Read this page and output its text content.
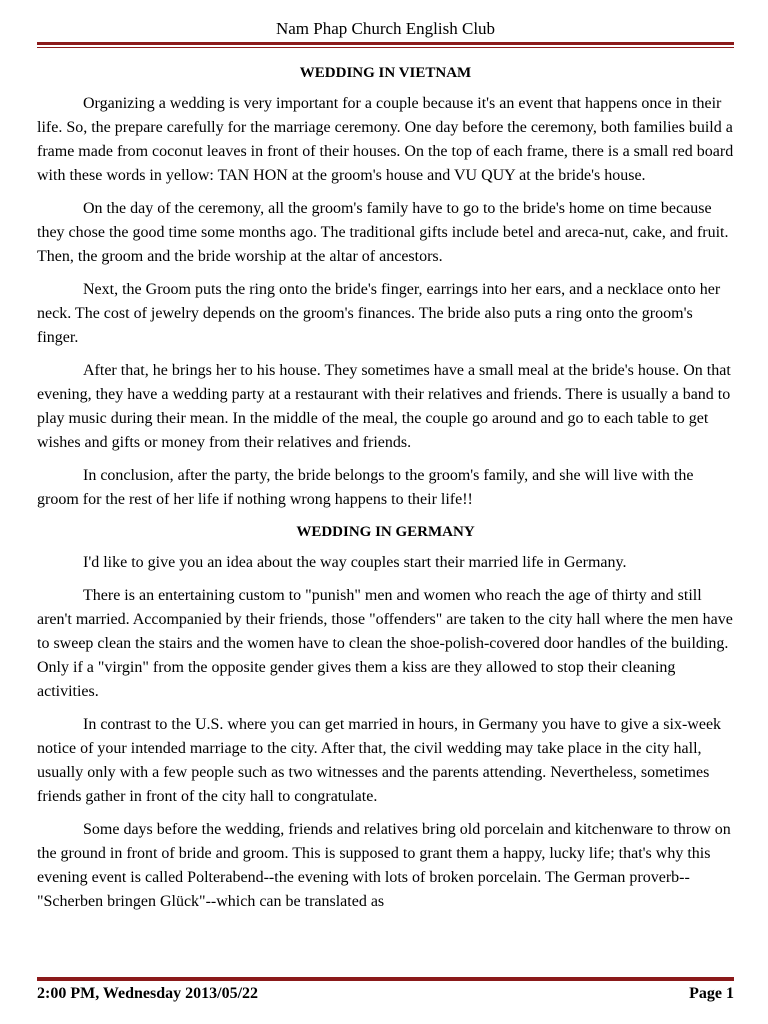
Nam Phap Church English Club
WEDDING IN VIETNAM

Organizing a wedding is very important for a couple because it's an event that happens once in their life. So, the prepare carefully for the marriage ceremony. One day before the ceremony, both families build a frame made from coconut leaves in front of their houses. On the top of each frame, there is a small red board with these words in yellow: TAN HON at the groom's house and VU QUY at the bride's house.

On the day of the ceremony, all the groom's family have to go to the bride's home on time because they chose the good time some months ago. The traditional gifts include betel and areca-nut, cake, and fruit. Then, the groom and the bride worship at the altar of ancestors.

Next, the Groom puts the ring onto the bride's finger, earrings into her ears, and a necklace onto her neck. The cost of jewelry depends on the groom's finances. The bride also puts a ring onto the groom's finger.

After that, he brings her to his house. They sometimes have a small meal at the bride's house. On that evening, they have a wedding party at a restaurant with their relatives and friends. There is usually a band to play music during their mean. In the middle of the meal, the couple go around and go to each table to get wishes and gifts or money from their relatives and friends.

In conclusion, after the party, the bride belongs to the groom's family, and she will live with the groom for the rest of her life if nothing wrong happens to their life!!

WEDDING IN GERMANY

I'd like to give you an idea about the way couples start their married life in Germany.

There is an entertaining custom to "punish" men and women who reach the age of thirty and still aren't married. Accompanied by their friends, those "offenders" are taken to the city hall where the men have to sweep clean the stairs and the women have to clean the shoe-polish-covered door handles of the building. Only if a "virgin" from the opposite gender gives them a kiss are they allowed to stop their cleaning activities.

In contrast to the U.S. where you can get married in hours, in Germany you have to give a six-week notice of your intended marriage to the city. After that, the civil wedding may take place in the city hall, usually only with a few people such as two witnesses and the parents attending. Nevertheless, sometimes friends gather in front of the city hall to congratulate.

Some days before the wedding, friends and relatives bring old porcelain and kitchenware to throw on the ground in front of bride and groom. This is supposed to grant them a happy, lucky life; that's why this evening event is called Polterabend--the evening with lots of broken porcelain. The German proverb--"Scherben bringen Glück"--which can be translated as

2:00 PM, Wednesday 2013/05/22	Page 1
